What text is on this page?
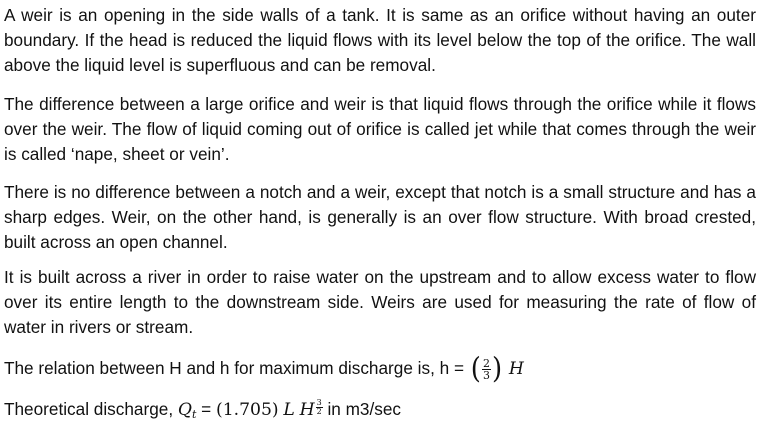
A weir is an opening in the side walls of a tank. It is same as an orifice without having an outer boundary. If the head is reduced the liquid flows with its level below the top of the orifice. The wall above the liquid level is superfluous and can be removal.

The difference between a large orifice and weir is that liquid flows through the orifice while it flows over the weir. The flow of liquid coming out of orifice is called jet while that comes through the weir is called ‘nape, sheet or vein’.

There is no difference between a notch and a weir, except that notch is a small structure and has a sharp edges. Weir, on the other hand, is generally is an over flow structure. With broad crested, built across an open channel.

It is built across a river in order to raise water on the upstream and to allow excess water to flow over its entire length to the downstream side. Weirs are used for measuring the rate of flow of water in rivers or stream.

The relation between H and h for maximum discharge is, h = ( $\frac{2}{3}$ ) H

Theoretical discharge, $Q_t = (1.705)$ L H $\frac{3}{2}$ in m3/sec
